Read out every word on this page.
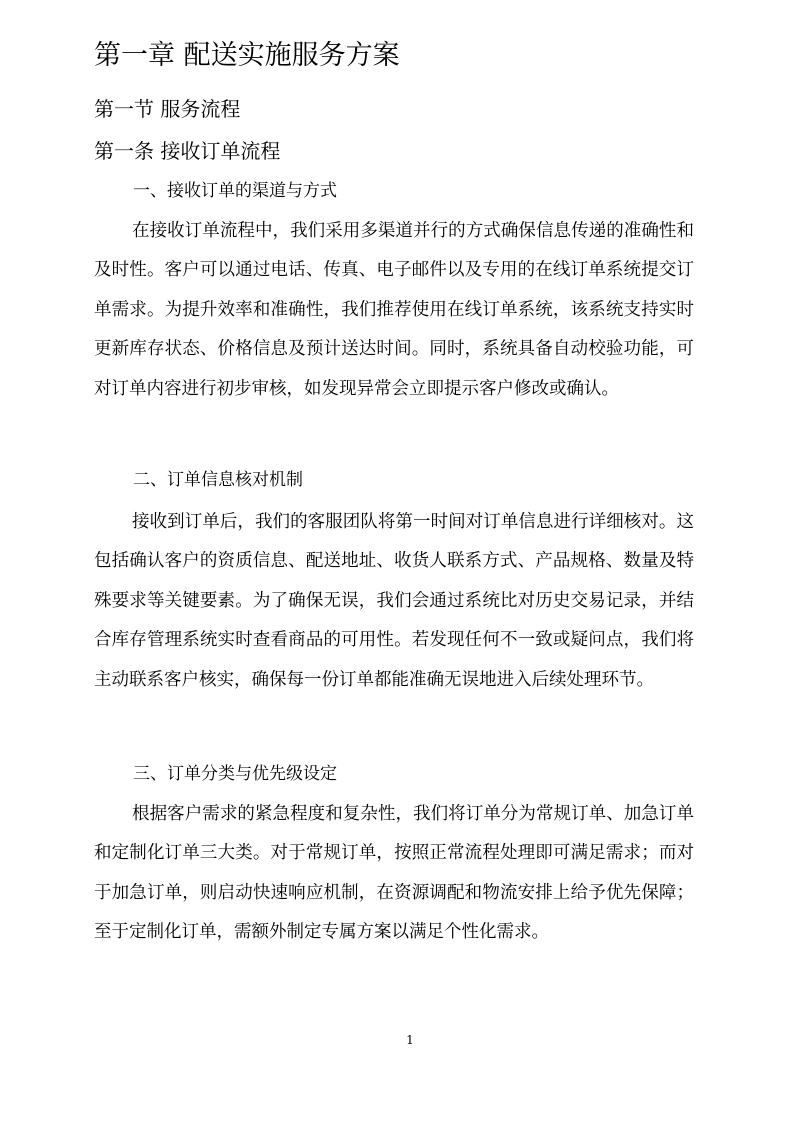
第一章 配送实施服务方案
第一节 服务流程
第一条 接收订单流程
一、接收订单的渠道与方式

在接收订单流程中，我们采用多渠道并行的方式确保信息传递的准确性和及时性。客户可以通过电话、传真、电子邮件以及专用的在线订单系统提交订单需求。为提升效率和准确性，我们推荐使用在线订单系统，该系统支持实时更新库存状态、价格信息及预计送达时间。同时，系统具备自动校验功能，可对订单内容进行初步审核，如发现异常会立即提示客户修改或确认。

二、订单信息核对机制

接收到订单后，我们的客服团队将第一时间对订单信息进行详细核对。这包括确认客户的资质信息、配送地址、收货人联系方式、产品规格、数量及特殊要求等关键要素。为了确保无误，我们会通过系统比对历史交易记录，并结合库存管理系统实时查看商品的可用性。若发现任何不一致或疑问点，我们将主动联系客户核实，确保每一份订单都能准确无误地进入后续处理环节。

三、订单分类与优先级设定

根据客户需求的紧急程度和复杂性，我们将订单分为常规订单、加急订单和定制化订单三大类。对于常规订单，按照正常流程处理即可满足需求；而对于加急订单，则启动快速响应机制，在资源调配和物流安排上给予优先保障；至于定制化订单，需额外制定专属方案以满足个性化需求。

1
